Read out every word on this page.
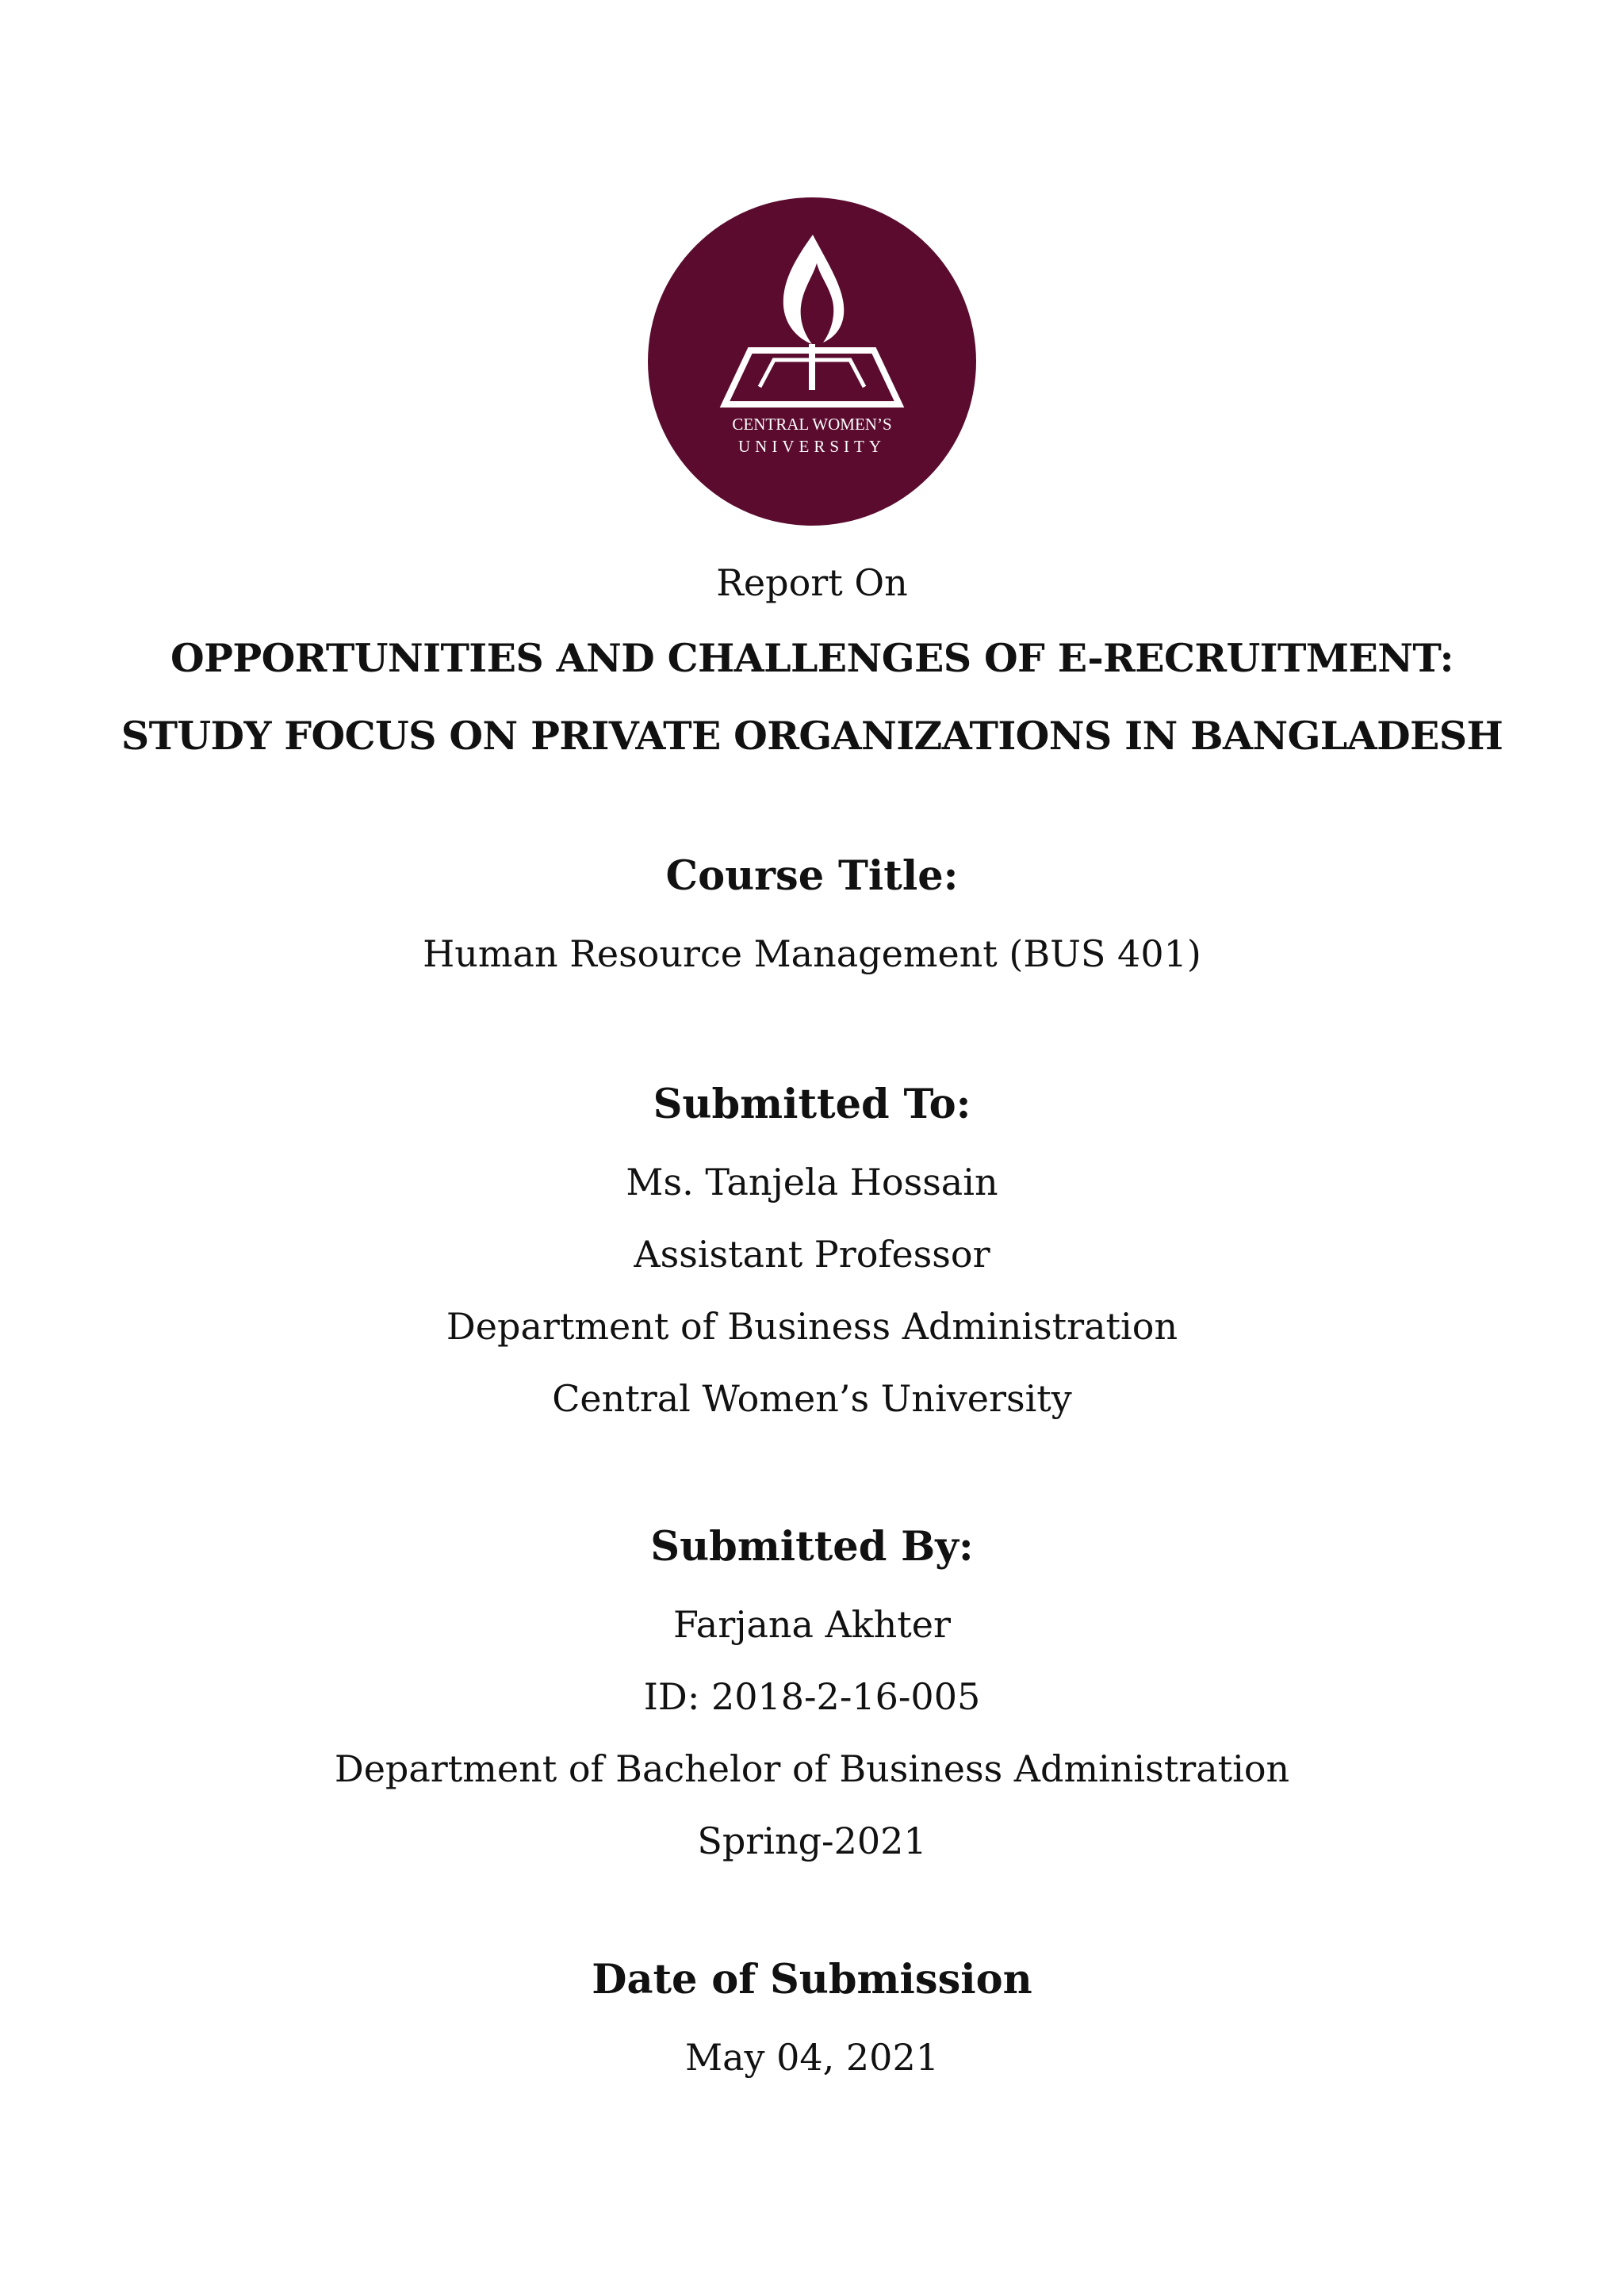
CENTRAL WOMEN’S
UNIVERSITY
Report On
OPPORTUNITIES AND CHALLENGES OF E-RECRUITMENT:
STUDY FOCUS ON PRIVATE ORGANIZATIONS IN BANGLADESH
Course Title:
Human Resource Management (BUS 401)
Submitted To:
Ms. Tanjela Hossain
Assistant Professor
Department of Business Administration
Central Women’s University
Submitted By:
Farjana Akhter
ID: 2018-2-16-005
Department of Bachelor of Business Administration
Spring-2021
Date of Submission
May 04, 2021
